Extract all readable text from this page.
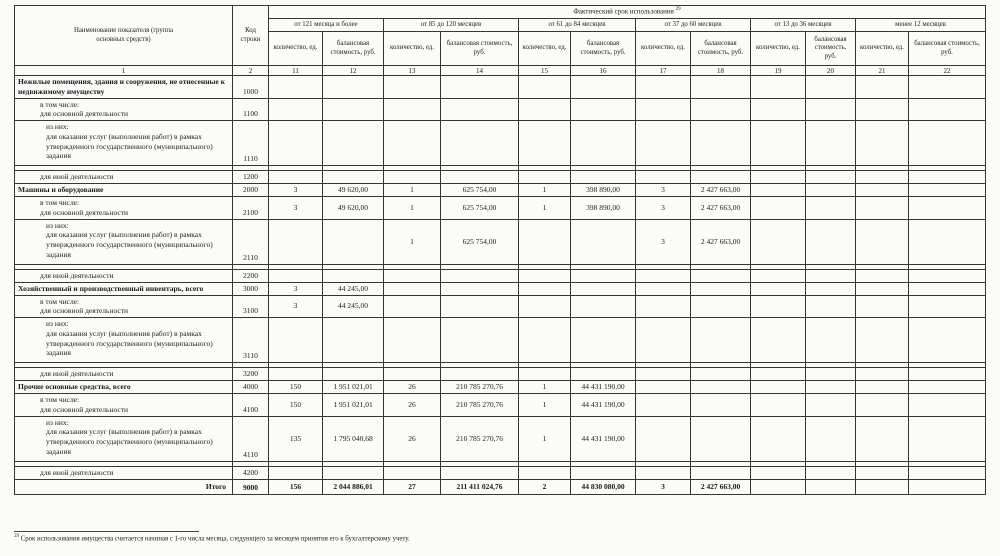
Наименование показателя (группа основных средств)	Код строки	Фактический срок использования $^{29}$
		от 121 месяца и более		от 85 до 120 месяцев		от 61 до 84 месяцев		от 37 до 60 месяцев		от 13 до 36 месяцев		менее 12 месяцев	
		количество, ед.	балансовая стоимость, руб.	количество, ед.	балансовая стоимость, руб.	количество, ед.	балансовая стоимость, руб.	количество, ед.	балансовая стоимость, руб.	количество, ед.	балансовая стоимость, руб.	количество, ед.	балансовая стоимость, руб.
1	2	11	12	13	14	15	16	17	18	19	20	21	22

Нежилые помещения, здания и сооружения, не отнесенные к недвижимому имуществу	1000												

в том числе:
для основной деятельности	1100												

из них:
для оказания услуг (выполнения работ) в рамках утвержденного государственного (муниципального) задания	1110												

для иной деятельности	1200												

Машины и оборудование	2000	3	49 620,00	1	625 754,00	1	398 890,00	3	2 427 663,00				

в том числе:
для основной деятельности	2100	3	49 620,00	1	625 754,00	1	398 890,00	3	2 427 663,00				

из них:
для оказания услуг (выполнения работ) в рамках утвержденного государственного (муниципального) задания	2110			1	625 754,00			3	2 427 663,00				

для иной деятельности	2200												

Хозяйственный и производственный инвентарь, всего	3000	3	44 245,00										

в том числе:
для основной деятельности	3100	3	44 245,00										

из них:
для оказания услуг (выполнения работ) в рамках утвержденного государственного (муниципального) задания	3110												

для иной деятельности	3200												

Прочие основные средства, всего	4000	150	1 951 021,01	26	210 785 270,76	1	44 431 190,00						

в том числе:
для основной деятельности	4100	150	1 951 021,01	26	210 785 270,76	1	44 431 190,00						

из них:
для оказания услуг (выполнения работ) в рамках утвержденного государственного (муниципального) задания	4110	135	1 795 040,68	26	210 785 270,76	1	44 431 190,00						

для иной деятельности	4200												

Итого	9000	156	2 044 886,01	27	211 411 024,76	2	44 830 080,00	3	2 427 663,00				
$^{29}$ Срок использования имущества считается начиная с 1-го числа месяца, следующего за месяцем принятия его к бухгалтерскому учету.
